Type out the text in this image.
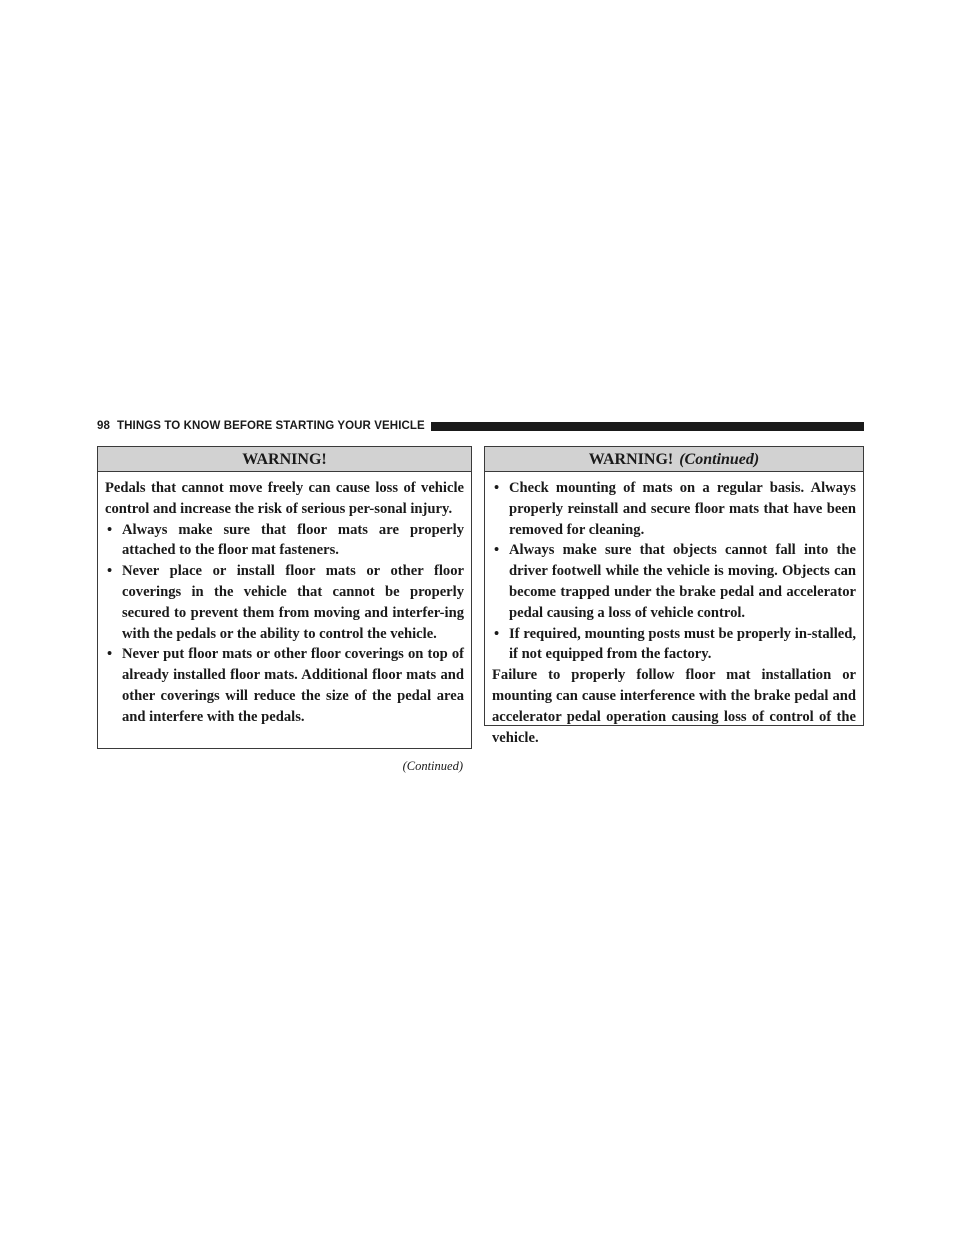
98 THINGS TO KNOW BEFORE STARTING YOUR VEHICLE
WARNING!

Pedals that cannot move freely can cause loss of vehicle control and increase the risk of serious per-sonal injury.

• Always make sure that floor mats are properly attached to the floor mat fasteners.
• Never place or install floor mats or other floor coverings in the vehicle that cannot be properly secured to prevent them from moving and interfer-ing with the pedals or the ability to control the vehicle.
• Never put floor mats or other floor coverings on top of already installed floor mats. Additional floor mats and other coverings will reduce the size of the pedal area and interfere with the pedals.
(Continued)
WARNING! (Continued)
• Check mounting of mats on a regular basis. Always properly reinstall and secure floor mats that have been removed for cleaning.
• Always make sure that objects cannot fall into the driver footwell while the vehicle is moving. Objects can become trapped under the brake pedal and accelerator pedal causing a loss of vehicle control.
• If required, mounting posts must be properly in-stalled, if not equipped from the factory.

Failure to properly follow floor mat installation or mounting can cause interference with the brake pedal and accelerator pedal operation causing loss of control of the vehicle.
